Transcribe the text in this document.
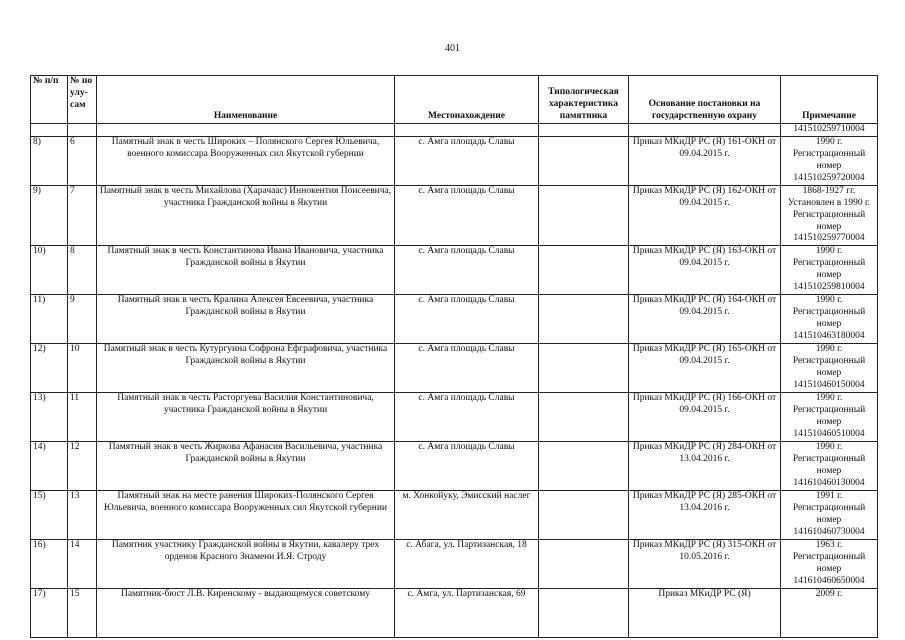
401
№ п/п	№ по улу-сам	Наименование	Местонахождение	Типологическая характеристика памятника	Основание постановки на государственную охрану	Примечание
						141510259710004
8)	6	Памятный знак в честь Широких – Полянского Сергея Юльевича, военного комиссара Вооруженных сил Якутской губернии	с. Амга площадь Славы		Приказ МКиДР РС (Я) 161-ОКН от 09.04.2015 г.	1990 г. Регистрационный номер 141510259720004
9)	7	Памятный знак в честь Михайлова (Харачаас) Иннокентия Поисеевича, участника Гражданской войны в Якутии	с. Амга площадь Славы		Приказ МКиДР РС (Я) 162-ОКН от 09.04.2015 г.	1868-1927 гг. Установлен в 1990 г. Регистрационный номер 141510259770004
10)	8	Памятный знак в честь Константинова Ивана Ивановича, участника Гражданской войны в Якутии	с. Амга площадь Славы		Приказ МКиДР РС (Я) 163-ОКН от 09.04.2015 г.	1990 г. Регистрационный номер 141510259810004
11)	9	Памятный знак в честь Кралина Алексея Евсеевича, участника Гражданской войны в Якутии	с. Амга площадь Славы		Приказ МКиДР РС (Я) 164-ОКН от 09.04.2015 г.	1990 г. Регистрационный номер 141510463180004
12)	10	Памятный знак в честь Кутургуина Софрона Ефграфовича, участника Гражданской войны в Якутии	с. Амга площадь Славы		Приказ МКиДР РС (Я) 165-ОКН от 09.04.2015 г.	1990 г. Регистрационный номер 141510460150004
13)	11	Памятный знак в честь Расторгуева Василия Константиновича, участника Гражданской войны в Якутии	с. Амга площадь Славы		Приказ МКиДР РС (Я) 166-ОКН от 09.04.2015 г.	1990 г. Регистрационный номер 141510460510004
14)	12	Памятный знак в честь Жиркова Афанасия Васильевича, участника Гражданской войны в Якутии	с. Амга площадь Славы		Приказ МКиДР РС (Я) 284-ОКН от 13.04.2016 г.	1990 г. Регистрационный номер 141610460130004
15)	13	Памятный знак на месте ранения Широких-Полянского Сергея Юльевича, военного комиссара Вооруженных сил Якутской губернии	м. Хонкойуку, Эмисский наслег		Приказ МКиДР РС (Я) 285-ОКН от 13.04.2016 г.	1991 г. Регистрационный номер 141610460730004
16)	14	Памятник участнику Гражданской войны в Якутии, кавалеру трех орденов Красного Знамени И.Я. Строду	с. Абага, ул. Партизанская, 18		Приказ МКиДР РС (Я) 315-ОКН от 10.05.2016 г.	1963 г. Регистрационный номер 141610460650004
17)	15	Памятник-бюст Л.В. Киренскому - выдающемуся советскому	с. Амга, ул. Партизанская, 69		Приказ МКиДР РС (Я)	2009 г.
